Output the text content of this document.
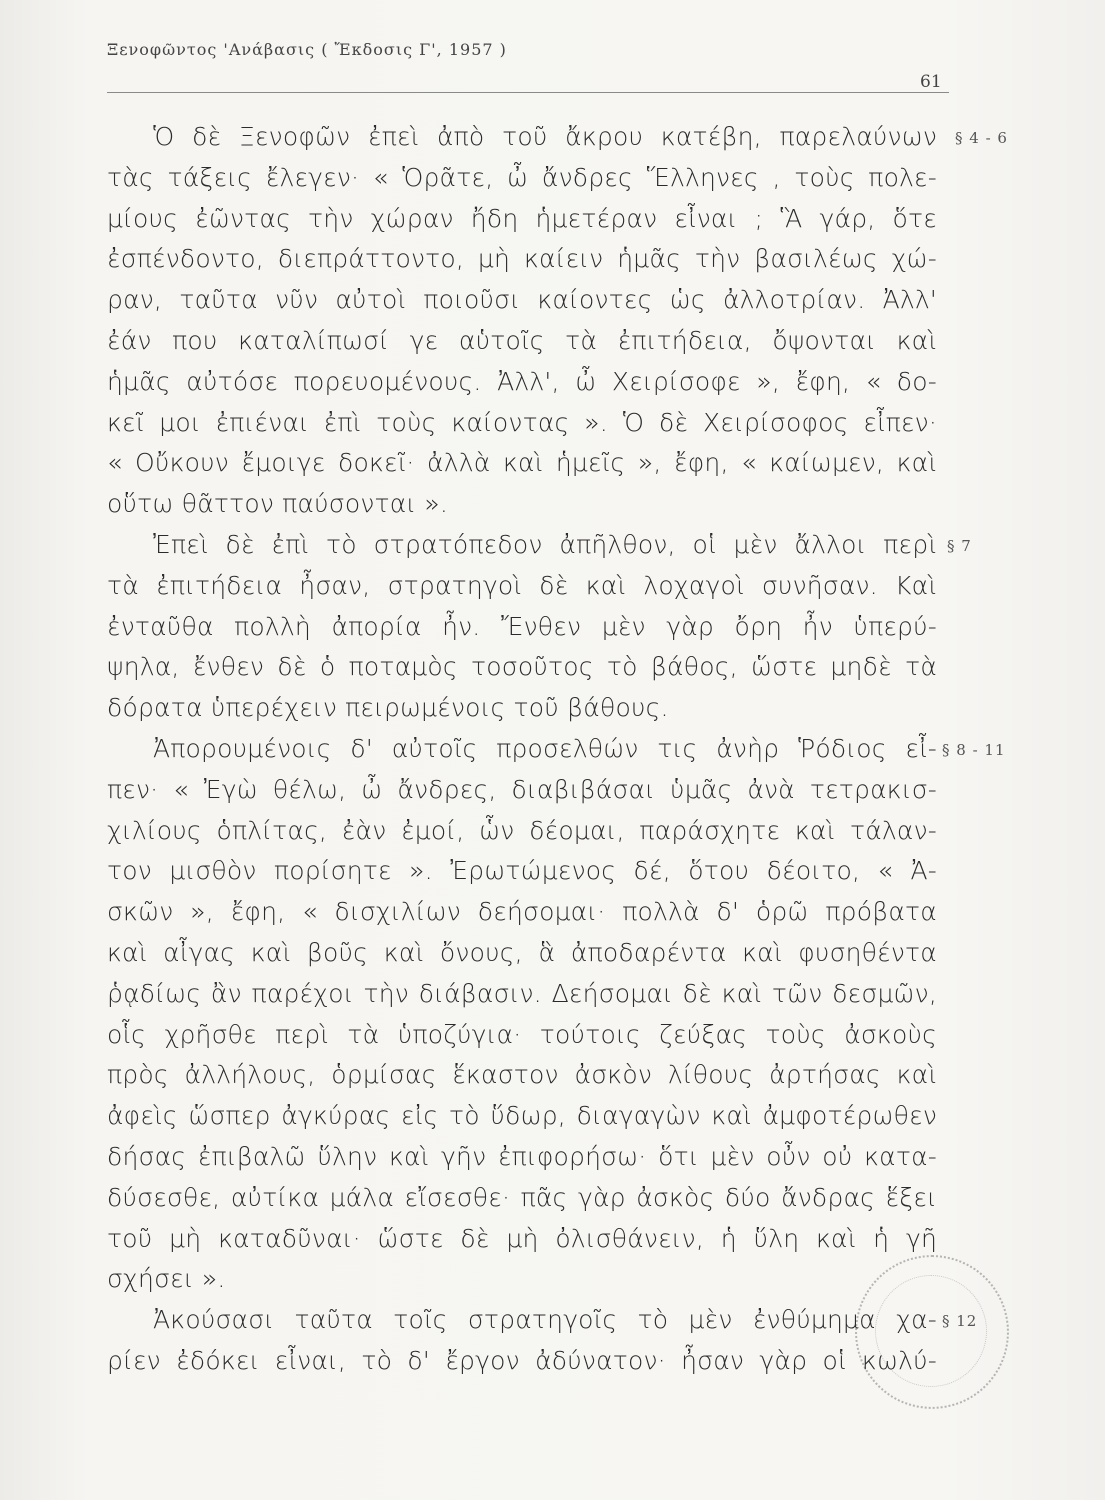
Ξενοφῶντος 'Ανάβασις ( Ἔκδοσις Γ', 1957 )
61
Ὁ δὲ Ξενοφῶν ἐπεὶ ἀπὸ τοῦ ἄκρου κατέβη, παρελαύνων
τὰς τάξεις ἔλεγεν· « Ὁρᾶτε, ὦ ἄνδρες Ἕλληνες , τοὺς πολε-
μίους ἐῶντας τὴν χώραν ἤδη ἡμετέραν εἶναι ; Ἃ γάρ, ὅτε
ἐσπένδοντο, διεπράττοντο, μὴ καίειν ἡμᾶς τὴν βασιλέως χώ-
ραν, ταῦτα νῦν αὐτοὶ ποιοῦσι καίοντες ὡς ἀλλοτρίαν. Ἀλλ'
ἐάν που καταλίπωσί γε αὑτοῖς τὰ ἐπιτήδεια, ὄψονται καὶ
ἡμᾶς αὐτόσε πορευομένους. Ἀλλ', ὦ Χειρίσοφε », ἔφη, « δο-
κεῖ μοι ἐπιέναι ἐπὶ τοὺς καίοντας ». Ὁ δὲ Χειρίσοφος εἶπεν·
« Οὔκουν ἔμοιγε δοκεῖ· ἀλλὰ καὶ ἡμεῖς », ἔφη, « καίωμεν, καὶ
οὕτω θᾶττον παύσονται ».
Ἐπεὶ δὲ ἐπὶ τὸ στρατόπεδον ἀπῆλθον, οἱ μὲν ἄλλοι περὶ
τὰ ἐπιτήδεια ἦσαν, στρατηγοὶ δὲ καὶ λοχαγοὶ συνῆσαν. Καὶ
ἐνταῦθα πολλὴ ἀπορία ἦν. Ἔνθεν μὲν γὰρ ὄρη ἦν ὑπερύ-
ψηλα, ἔνθεν δὲ ὁ ποταμὸς τοσοῦτος τὸ βάθος, ὥστε μηδὲ τὰ
δόρατα ὑπερέχειν πειρωμένοις τοῦ βάθους.
Ἀπορουμένοις δ' αὐτοῖς προσελθών τις ἀνὴρ Ῥόδιος εἶ-
πεν· « Ἐγὼ θέλω, ὦ ἄνδρες, διαβιβάσαι ὑμᾶς ἀνὰ τετρακισ-
χιλίους ὁπλίτας, ἐὰν ἐμοί, ὧν δέομαι, παράσχητε καὶ τάλαν-
τον μισθὸν πορίσητε ». Ἐρωτώμενος δέ, ὅτου δέοιτο, « Ἀ-
σκῶν », ἔφη, « δισχιλίων δεήσομαι· πολλὰ δ' ὁρῶ πρόβατα
καὶ αἶγας καὶ βοῦς καὶ ὄνους, ἃ ἀποδαρέντα καὶ φυσηθέντα
ῥᾳδίως ἂν παρέχοι τὴν διάβασιν. Δεήσομαι δὲ καὶ τῶν δεσμῶν,
οἷς χρῆσθε περὶ τὰ ὑποζύγια· τούτοις ζεύξας τοὺς ἀσκοὺς
πρὸς ἀλλήλους, ὁρμίσας ἕκαστον ἀσκὸν λίθους ἀρτήσας καὶ
ἀφεὶς ὥσπερ ἀγκύρας εἰς τὸ ὕδωρ, διαγαγὼν καὶ ἀμφοτέρωθεν
δήσας ἐπιβαλῶ ὕλην καὶ γῆν ἐπιφορήσω· ὅτι μὲν οὖν οὐ κατα-
δύσεσθε, αὐτίκα μάλα εἴσεσθε· πᾶς γὰρ ἀσκὸς δύο ἄνδρας ἕξει
τοῦ μὴ καταδῦναι· ὥστε δὲ μὴ ὀλισθάνειν, ἡ ὕλη καὶ ἡ γῆ
σχήσει ».
Ἀκούσασι ταῦτα τοῖς στρατηγοῖς τὸ μὲν ἐνθύμημα χα-
ρίεν ἐδόκει εἶναι, τὸ δ' ἔργον ἀδύνατον· ἦσαν γὰρ οἱ κωλύ-
§ 4 - 6
§ 7
§ 8 - 11
§ 12
